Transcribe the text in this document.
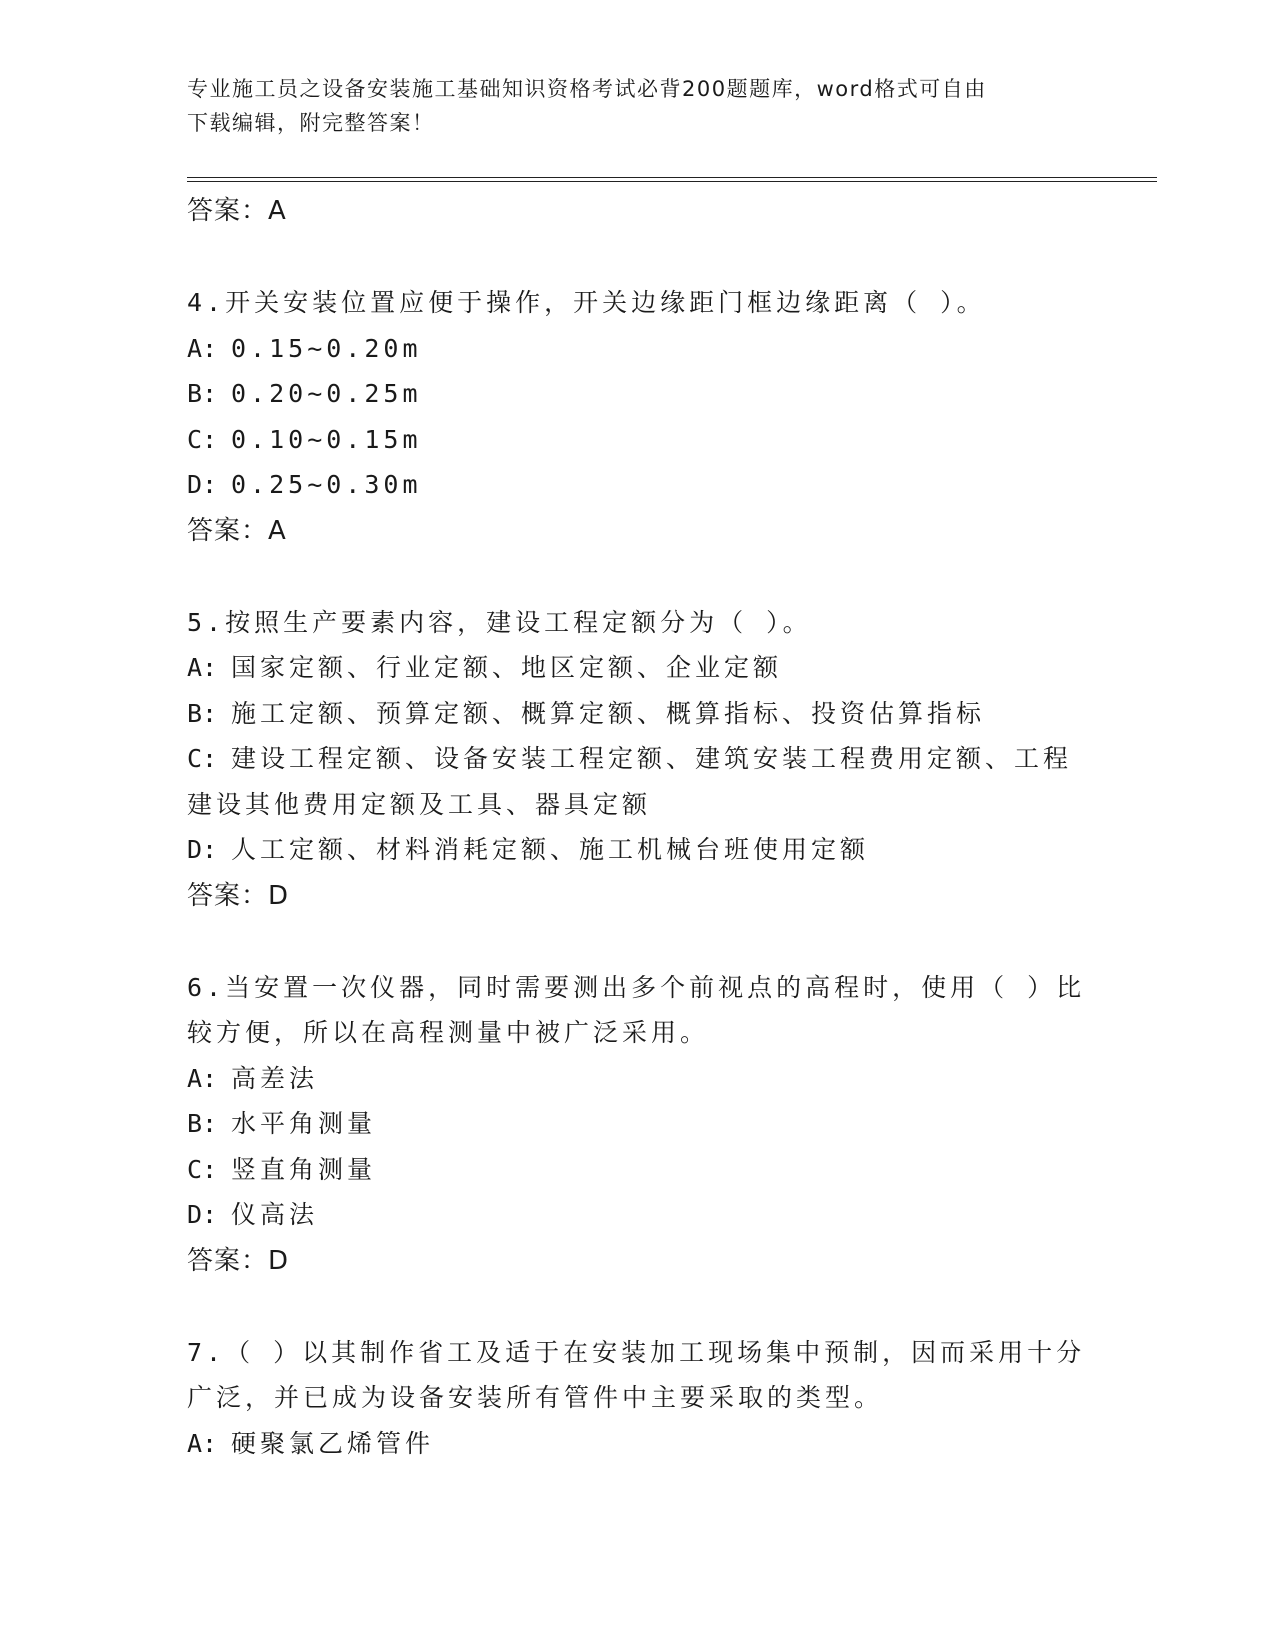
专业施工员之设备安装施工基础知识资格考试必背200题题库，word格式可自由
下载编辑，附完整答案！
答案：A
4.开关安装位置应便于操作，开关边缘距门框边缘距离（ ）。
A: 0.15~0.20m
B: 0.20~0.25m
C: 0.10~0.15m
D: 0.25~0.30m
答案：A
5.按照生产要素内容，建设工程定额分为（ ）。
A: 国家定额、行业定额、地区定额、企业定额
B: 施工定额、预算定额、概算定额、概算指标、投资估算指标
C: 建设工程定额、设备安装工程定额、建筑安装工程费用定额、工程建设其他费用定额及工具、器具定额
D: 人工定额、材料消耗定额、施工机械台班使用定额
答案：D
6.当安置一次仪器，同时需要测出多个前视点的高程时，使用（ ）比较方便，所以在高程测量中被广泛采用。
A: 高差法
B: 水平角测量
C: 竖直角测量
D: 仪高法
答案：D
7.（ ）以其制作省工及适于在安装加工现场集中预制，因而采用十分广泛，并已成为设备安装所有管件中主要采取的类型。
A: 硬聚氯乙烯管件
